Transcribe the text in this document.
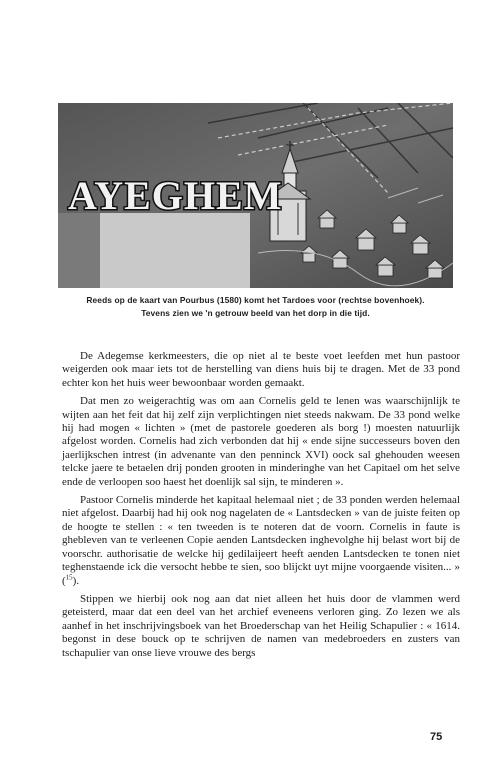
AYEGHEM
Reeds op de kaart van Pourbus (1580) komt het Tardoes voor (rechtse bovenhoek).
Tevens zien we 'n getrouw beeld van het dorp in die tijd.

De Adegemse kerkmeesters, die op niet al te beste voet leefden met hun pastoor weigerden ook maar iets tot de herstelling van diens huis bij te dragen. Met de 33 pond echter kon het huis weer bewoonbaar worden gemaakt.

Dat men zo weigerachtig was om aan Cornelis geld te lenen was waarschijnlijk te wijten aan het feit dat hij zelf zijn verplichtingen niet steeds nakwam. De 33 pond welke hij had mogen « lichten » (met de pastorele goederen als borg !) moesten natuurlijk afgelost worden. Cornelis had zich verbonden dat hij « ende sijne successeurs boven den jaerlijkschen intrest (in advenante van den penninck XVI) oock sal ghehouden weesen telcke jaere te betaelen drij ponden grooten in minderinghe van het Capitael om het selve ende de verloopen soo haest het doenlijk sal sijn, te minderen ».

Pastoor Cornelis minderde het kapitaal helemaal niet ; de 33 ponden werden helemaal niet afgelost. Daarbij had hij ook nog nagelaten de « Lantsdecken » van de juiste feiten op de hoogte te stellen : « ten tweeden is te noteren dat de voorn. Cornelis in faute is ghebleven van te verleenen Copie aenden Lantsdecken inghevolghe hij belast wort bij de voorschr. authorisatie de welcke hij gedilaijeert heeft aenden Lantsdecken te tonen niet teghenstaende ick die versocht hebbe te sien, soo blijckt uyt mijne voorgaende visiten... » ($^{15}$).

Stippen we hierbij ook nog aan dat niet alleen het huis door de vlammen werd geteisterd, maar dat een deel van het archief eveneens verloren ging. Zo lezen we als aanhef in het inschrijvingsboek van het Broederschap van het Heilig Schapulier : « 1614. begonst in dese bouck op te schrijven de namen van medebroeders en zusters van tschapulier van onse lieve vrouwe des bergs

75
